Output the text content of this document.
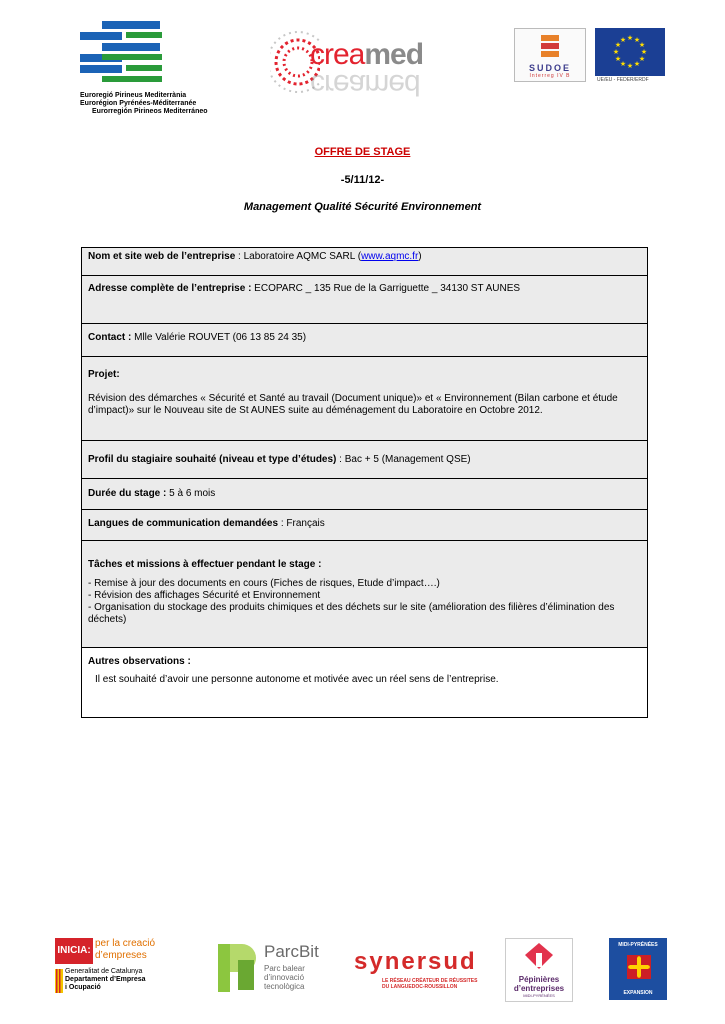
Euroregió Pirineus Mediterrània
Eurorégion Pyrénées-Méditerranée
Eurorregión Pirineos Mediterráneo
creamed
creamed	SUDOE
Interreg IV B
★ ★
★
★
★
★
★
★
★
★
★
★
UE/EU - FEDER/ERDF
OFFRE DE STAGE
-5/11/12-
Management Qualité Sécurité Environnement
Nom et site web de l’entreprise : Laboratoire AQMC SARL (www.aqmc.fr)
Adresse complète de l’entreprise : ECOPARC _ 135 Rue de la Garriguette _ 34130 ST AUNES
Contact : Mlle Valérie ROUVET (06 13 85 24 35)

Projet:

Révision des démarches « Sécurité et Santé au travail (Document unique)» et « Environnement (Bilan carbone et étude d’impact)» sur le Nouveau site de St AUNES suite au déménagement du Laboratoire en Octobre 2012.

Profil du stagiaire souhaité (niveau et type d’études) : Bac + 5 (Management QSE)
Durée du stage : 5 à 6 mois
Langues de communication demandées : Français

Tâches et missions à effectuer pendant le stage :

- Remise à jour des documents en cours (Fiches de risques, Etude d’impact….)

- Révision des affichages Sécurité et Environnement

- Organisation du stockage des produits chimiques et des déchets sur le site (amélioration des filières d’élimination des déchets)

Autres observations :

Il est souhaité d’avoir une personne autonome et motivée avec un réel sens de l’entreprise.

INICIA:
per la creació
d’empreses
Generalitat de Catalunya
Departament d’Empresa
i Ocupació
ParcBit
Parc balear
d’innovació
tecnològica
synersud
LE RÉSEAU CRÉATEUR DE RÉUSSITES
DU LANGUEDOC-ROUSSILLON
Pépinières
d’entreprises
MIDI-PYRÉNÉES
MIDI-PYRÉNÉES
EXPANSION
